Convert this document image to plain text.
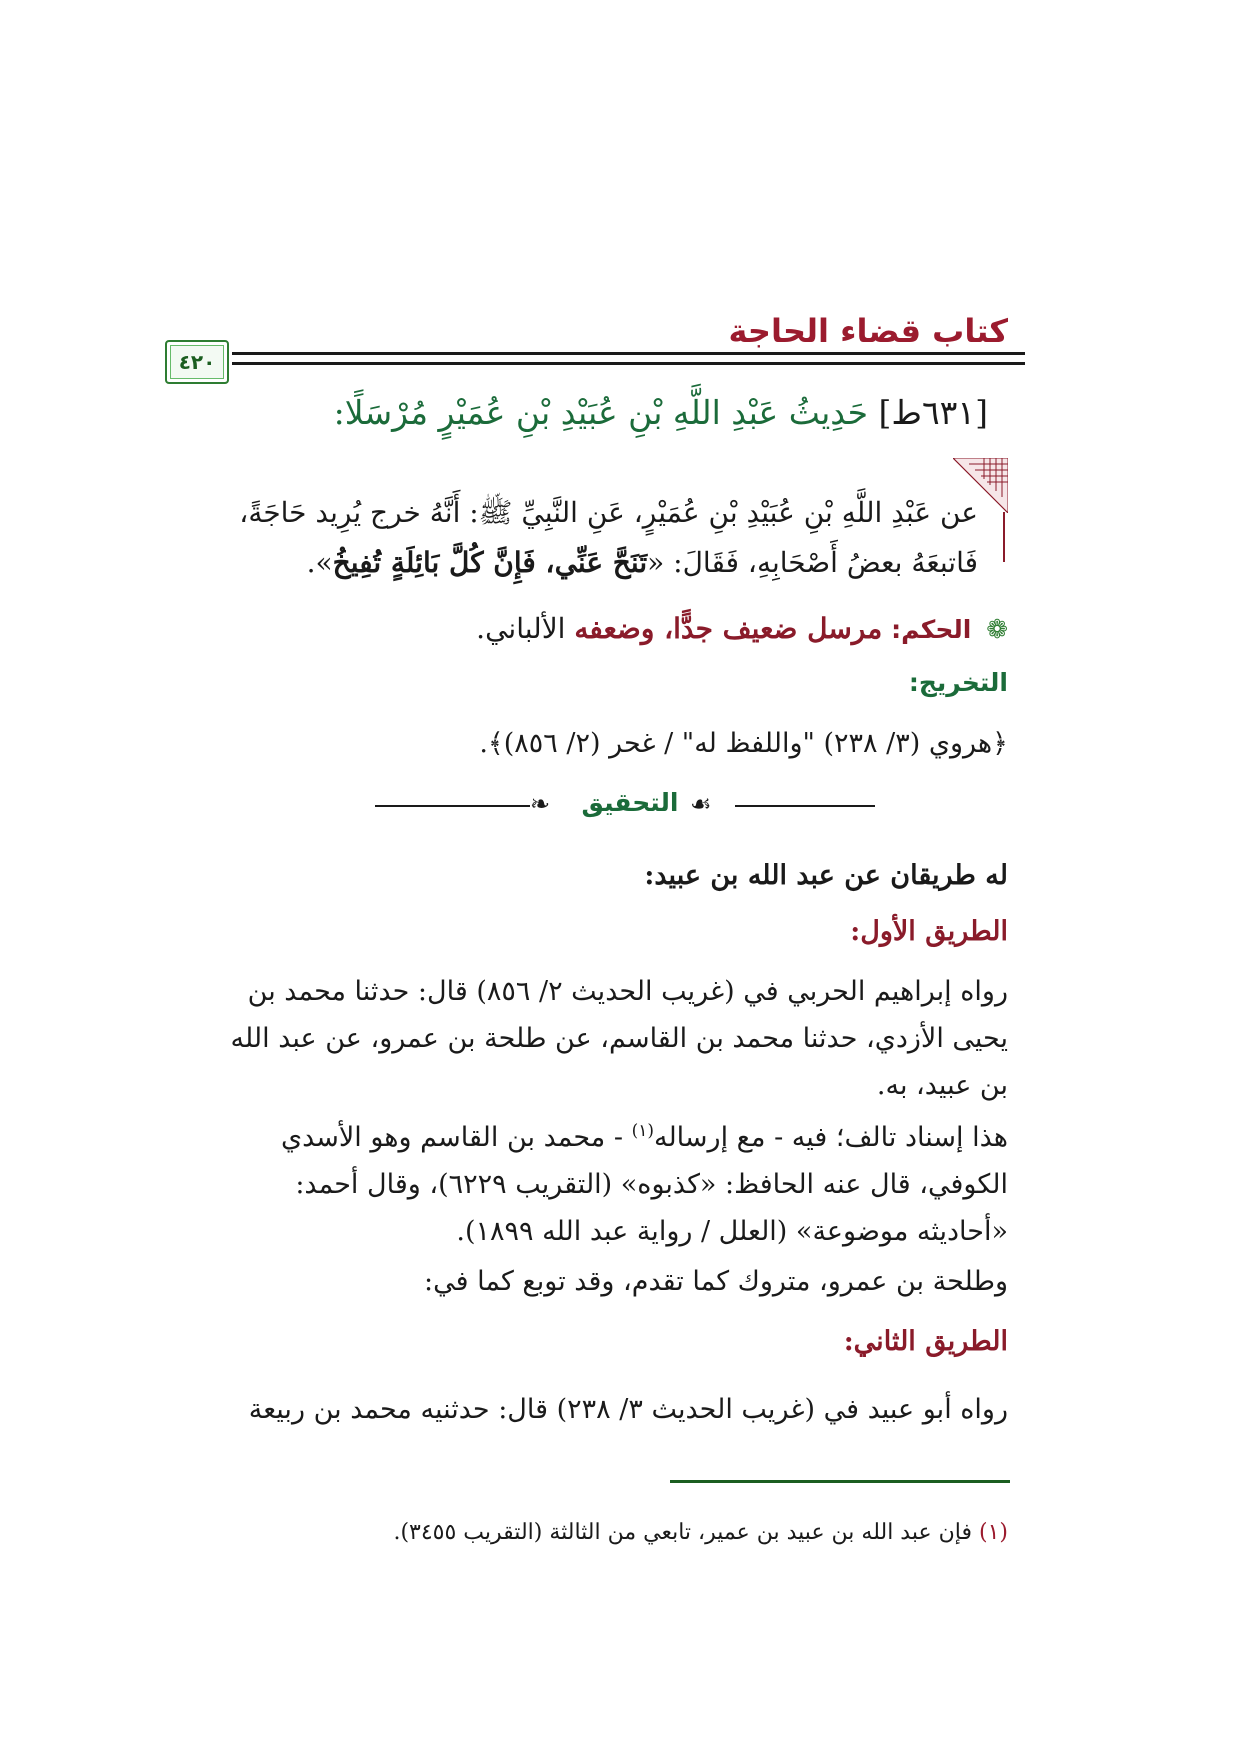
كتاب قضاء الحاجة
٤٢٠
[٦٣١ط] حَدِيثُ عَبْدِ اللَّهِ بْنِ عُبَيْدِ بْنِ عُمَيْرٍ مُرْسَلًا:
عن عَبْدِ اللَّهِ بْنِ عُبَيْدِ بْنِ عُمَيْرٍ، عَنِ النَّبِيِّ ﷺ: أَنَّهُ خرج يُرِيد حَاجَةً،
فَاتبعَهُ بعضُ أَصْحَابِهِ، فَقَالَ: «تَنَحَّ عَنِّي، فَإِنَّ كُلَّ بَائِلَةٍ تُفِيخُ».
❁ الحكم: مرسل ضعيف جدًّا، وضعفه الألباني.
التخريج:
﴿هروي (٣/ ٢٣٨) "واللفظ له" / غحر (٢/ ٨٥٦)﴾.
❧	التحقيق ☙
له طريقان عن عبد الله بن عبيد:
الطريق الأول:
رواه إبراهيم الحربي في (غريب الحديث ٢/ ٨٥٦) قال: حدثنا محمد بن يحيى الأزدي، حدثنا محمد بن القاسم، عن طلحة بن عمرو، عن عبد الله بن عبيد، به.
هذا إسناد تالف؛ فيه - مع إرساله$^{(١)}$ - محمد بن القاسم وهو الأسدي الكوفي، قال عنه الحافظ: «كذبوه» (التقريب ٦٢٢٩)، وقال أحمد: «أحاديثه موضوعة» (العلل / رواية عبد الله ١٨٩٩).
وطلحة بن عمرو، متروك كما تقدم، وقد توبع كما في:
الطريق الثاني:
رواه أبو عبيد في (غريب الحديث ٣/ ٢٣٨) قال: حدثنيه محمد بن ربيعة
(١) فإن عبد الله بن عبيد بن عمير، تابعي من الثالثة (التقريب ٣٤٥٥).
